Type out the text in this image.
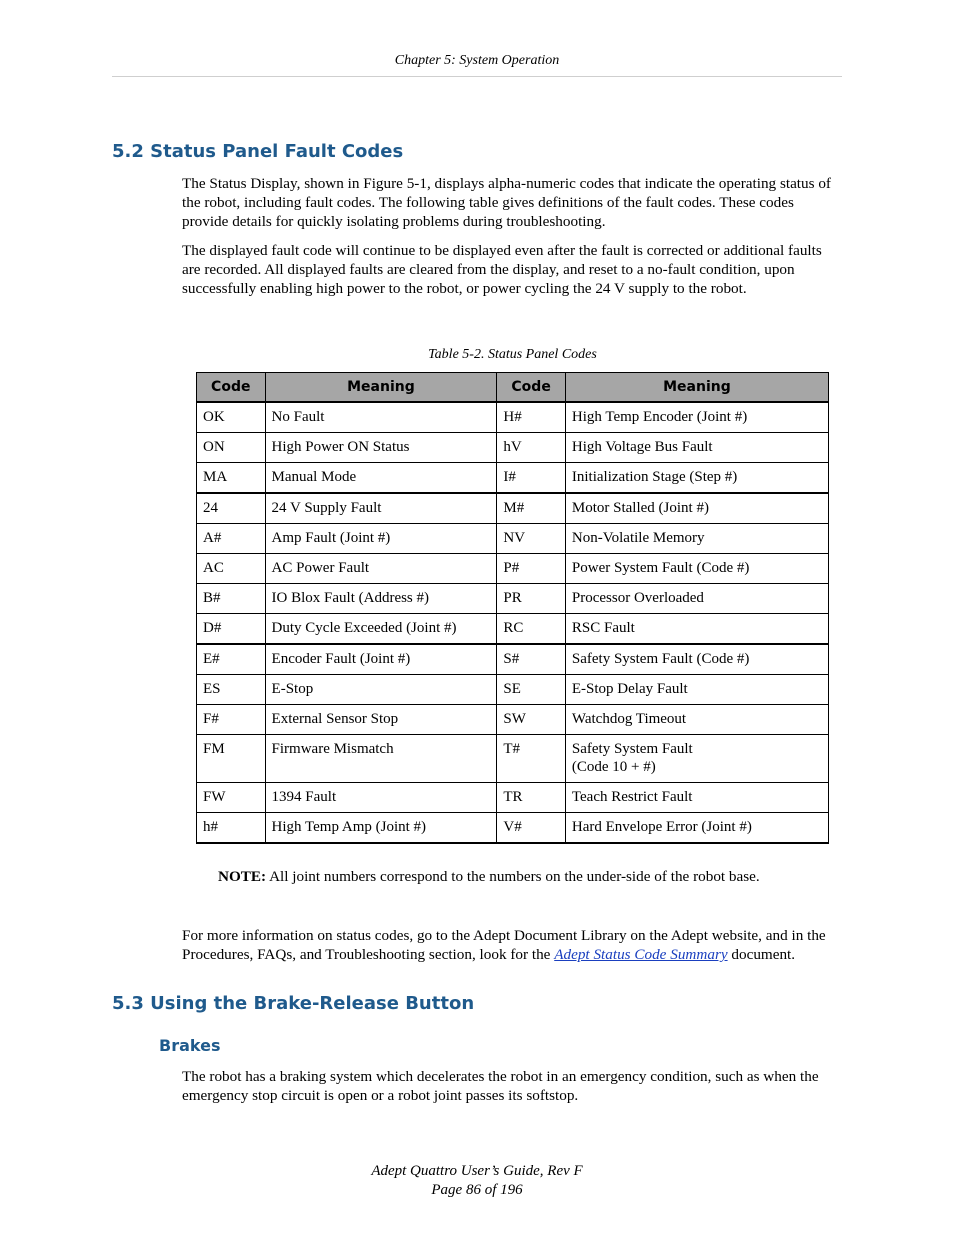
Chapter 5: System Operation
5.2 Status Panel Fault Codes

The Status Display, shown in Figure 5-1, displays alpha-numeric codes that indicate the operating status of the robot, including fault codes. The following table gives definitions of the fault codes. These codes provide details for quickly isolating problems during troubleshooting.

The displayed fault code will continue to be displayed even after the fault is corrected or additional faults are recorded. All displayed faults are cleared from the display, and reset to a no-fault condition, upon successfully enabling high power to the robot, or power cycling the 24 V supply to the robot.

Table 5-2. Status Panel Codes
Code	Meaning	Code	Meaning
OK	No Fault	H#	High Temp Encoder (Joint #)
ON	High Power ON Status	hV	High Voltage Bus Fault
MA	Manual Mode	I#	Initialization Stage (Step #)
24	24 V Supply Fault	M#	Motor Stalled (Joint #)
A#	Amp Fault (Joint #)	NV	Non-Volatile Memory
AC	AC Power Fault	P#	Power System Fault (Code #)
B#	IO Blox Fault (Address #)	PR	Processor Overloaded
D#	Duty Cycle Exceeded (Joint #)	RC	RSC Fault
E#	Encoder Fault (Joint #)	S#	Safety System Fault (Code #)
ES	E-Stop	SE	E-Stop Delay Fault
F#	External Sensor Stop	SW	Watchdog Timeout
FM	Firmware Mismatch	T#	Safety System Fault
(Code 10 + #)
FW	1394 Fault	TR	Teach Restrict Fault
h#	High Temp Amp (Joint #)	V#	Hard Envelope Error (Joint #)

NOTE: All joint numbers correspond to the numbers on the under-side of the robot base.

For more information on status codes, go to the Adept Document Library on the Adept website, and in the Procedures, FAQs, and Troubleshooting section, look for the Adept Status Code Summary document.

5.3 Using the Brake-Release Button
Brakes

The robot has a braking system which decelerates the robot in an emergency condition, such as when the emergency stop circuit is open or a robot joint passes its softstop.

Adept Quattro User’s Guide, Rev F
Page 86 of 196
